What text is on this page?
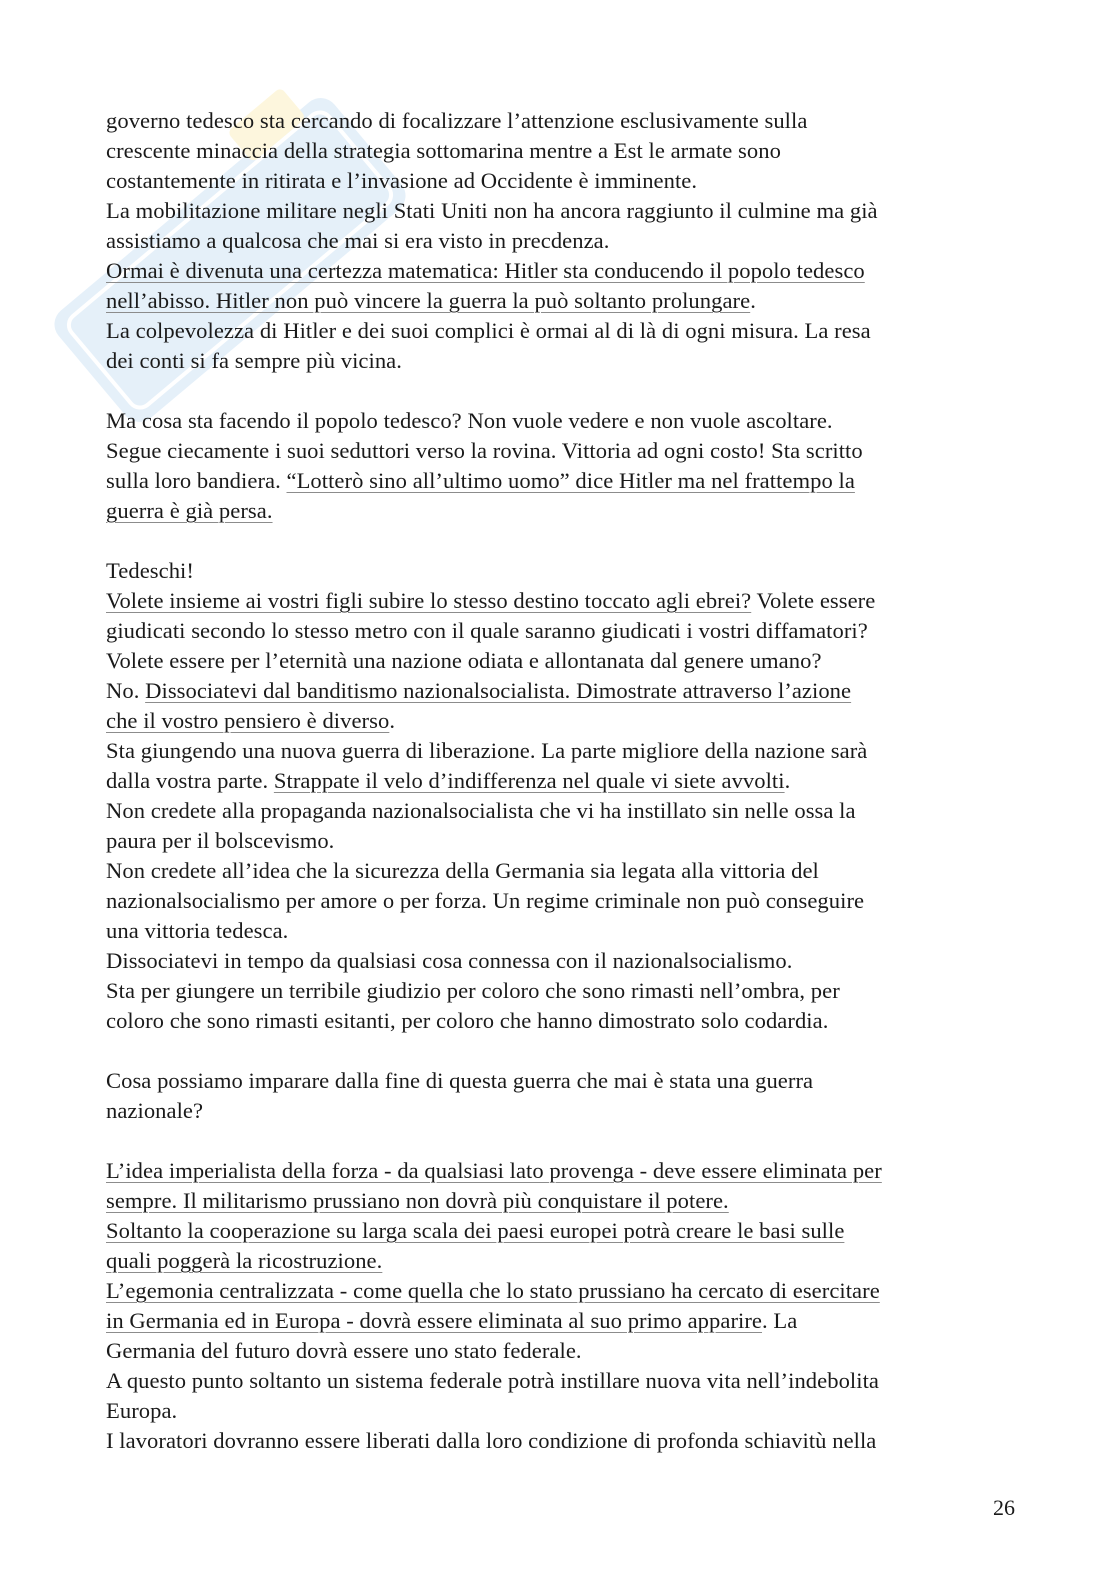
governo tedesco sta cercando di focalizzare l’attenzione esclusivamente sulla
crescente minaccia della strategia sottomarina mentre a Est le armate sono
costantemente in ritirata e l’invasione ad Occidente è imminente.
La mobilitazione militare negli Stati Uniti non ha ancora raggiunto il culmine ma già
assistiamo a qualcosa che mai si era visto in precdenza.
Ormai è divenuta una certezza matematica: Hitler sta conducendo il popolo tedesco
nell’abisso. Hitler non può vincere la guerra la può soltanto prolungare.
La colpevolezza di Hitler e dei suoi complici è ormai al di là di ogni misura. La resa
dei conti si fa sempre più vicina.
Ma cosa sta facendo il popolo tedesco? Non vuole vedere e non vuole ascoltare.
Segue ciecamente i suoi seduttori verso la rovina. Vittoria ad ogni costo! Sta scritto
sulla loro bandiera. “Lotterò sino all’ultimo uomo” dice Hitler ma nel frattempo la
guerra è già persa.
Tedeschi!
Volete insieme ai vostri figli subire lo stesso destino toccato agli ebrei? Volete essere
giudicati secondo lo stesso metro con il quale saranno giudicati i vostri diffamatori?
Volete essere per l’eternità una nazione odiata e allontanata dal genere umano?
No. Dissociatevi dal banditismo nazionalsocialista. Dimostrate attraverso l’azione
che il vostro pensiero è diverso.
Sta giungendo una nuova guerra di liberazione. La parte migliore della nazione sarà
dalla vostra parte. Strappate il velo d’indifferenza nel quale vi siete avvolti.
Non credete alla propaganda nazionalsocialista che vi ha instillato sin nelle ossa la
paura per il bolscevismo.
Non credete all’idea che la sicurezza della Germania sia legata alla vittoria del
nazionalsocialismo per amore o per forza. Un regime criminale non può conseguire
una vittoria tedesca.
Dissociatevi in tempo da qualsiasi cosa connessa con il nazionalsocialismo.
Sta per giungere un terribile giudizio per coloro che sono rimasti nell’ombra, per
coloro che sono rimasti esitanti, per coloro che hanno dimostrato solo codardia.
Cosa possiamo imparare dalla fine di questa guerra che mai è stata una guerra
nazionale?
L’idea imperialista della forza - da qualsiasi lato provenga - deve essere eliminata per
sempre. Il militarismo prussiano non dovrà più conquistare il potere.
Soltanto la cooperazione su larga scala dei paesi europei potrà creare le basi sulle
quali poggerà la ricostruzione.
L’egemonia centralizzata - come quella che lo stato prussiano ha cercato di esercitare
in Germania ed in Europa - dovrà essere eliminata al suo primo apparire. La
Germania del futuro dovrà essere uno stato federale.
A questo punto soltanto un sistema federale potrà instillare nuova vita nell’indebolita
Europa.
I lavoratori dovranno essere liberati dalla loro condizione di profonda schiavitù nella
26
